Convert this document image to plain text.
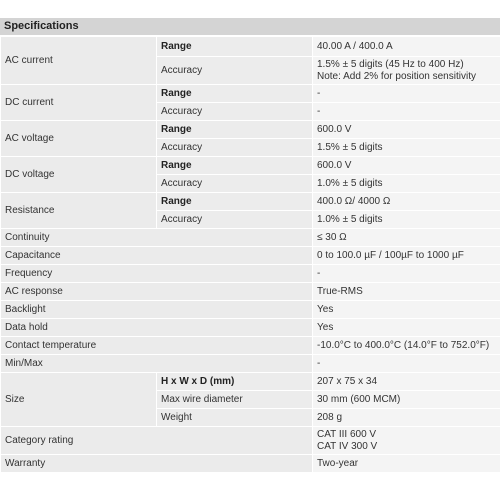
Specifications
AC current	Range	40.00 A / 400.0 A
	Accuracy	1.5% ± 5 digits (45 Hz to 400 Hz)
Note: Add 2% for position sensitivity

DC current	Range	-
	Accuracy	-
AC voltage	Range	600.0 V
	Accuracy	1.5% ± 5 digits
DC voltage	Range	600.0 V
	Accuracy	1.0% ± 5 digits
Resistance	Range	400.0 Ω/ 4000 Ω
	Accuracy	1.0% ± 5 digits
Continuity		≤ 30 Ω
Capacitance		0 to 100.0 µF / 100µF to 1000 µF
Frequency		-
AC response		True-RMS
Backlight		Yes
Data hold		Yes
Contact temperature		-10.0°C to 400.0°C (14.0°F to 752.0°F)
Min/Max		-
Size	H x W x D (mm)	207 x 75 x 34
	Max wire diameter	30 mm (600 MCM)
	Weight	208 g
Category rating		CAT III 600 V
CAT IV 300 V

Warranty		Two-year
